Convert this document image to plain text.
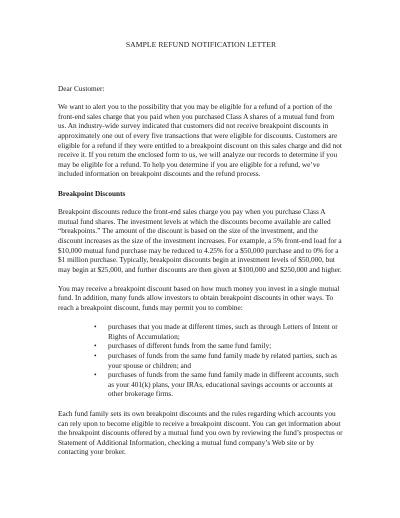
SAMPLE REFUND NOTIFICATION LETTER
Dear Customer:

We want to alert you to the possibility that you may be eligible for a refund of a portion of the front-end sales charge that you paid when you purchased Class A shares of a mutual fund from us. An industry-wide survey indicated that customers did not receive breakpoint discounts in approximately one out of every five transactions that were eligible for discounts. Customers are eligible for a refund if they were entitled to a breakpoint discount on this sales charge and did not receive it. If you return the enclosed form to us, we will analyze our records to determine if you may be eligible for a refund. To help you determine if you are eligible for a refund, we’ve included information on breakpoint discounts and the refund process.

Breakpoint Discounts

Breakpoint discounts reduce the front-end sales charge you pay when you purchase Class A mutual fund shares. The investment levels at which the discounts become available are called “breakpoints.” The amount of the discount is based on the size of the investment, and the discount increases as the size of the investment increases. For example, a 5% front-end load for a $10,000 mutual fund purchase may be reduced to 4.25% for a $50,000 purchase and to 0% for a $1 million purchase. Typically, breakpoint discounts begin at investment levels of $50,000, but may begin at $25,000, and further discounts are then given at $100,000 and $250,000 and higher.

You may receive a breakpoint discount based on how much money you invest in a single mutual fund. In addition, many funds allow investors to obtain breakpoint discounts in other ways. To reach a breakpoint discount, funds may permit you to combine:

• purchases that you made at different times, such as through Letters of Intent or Rights of Accumulation;
• purchases of different funds from the same fund family;
• purchases of funds from the same fund family made by related parties, such as your spouse or children; and
• purchases of funds from the same fund family made in different accounts, such as your 401(k) plans, your IRAs, educational savings accounts or accounts at other brokerage firms.

Each fund family sets its own breakpoint discounts and the rules regarding which accounts you can rely upon to become eligible to receive a breakpoint discount. You can get information about the breakpoint discounts offered by a mutual fund you own by reviewing the fund’s prospectus or Statement of Additional Information, checking a mutual fund company’s Web site or by contacting your broker.
